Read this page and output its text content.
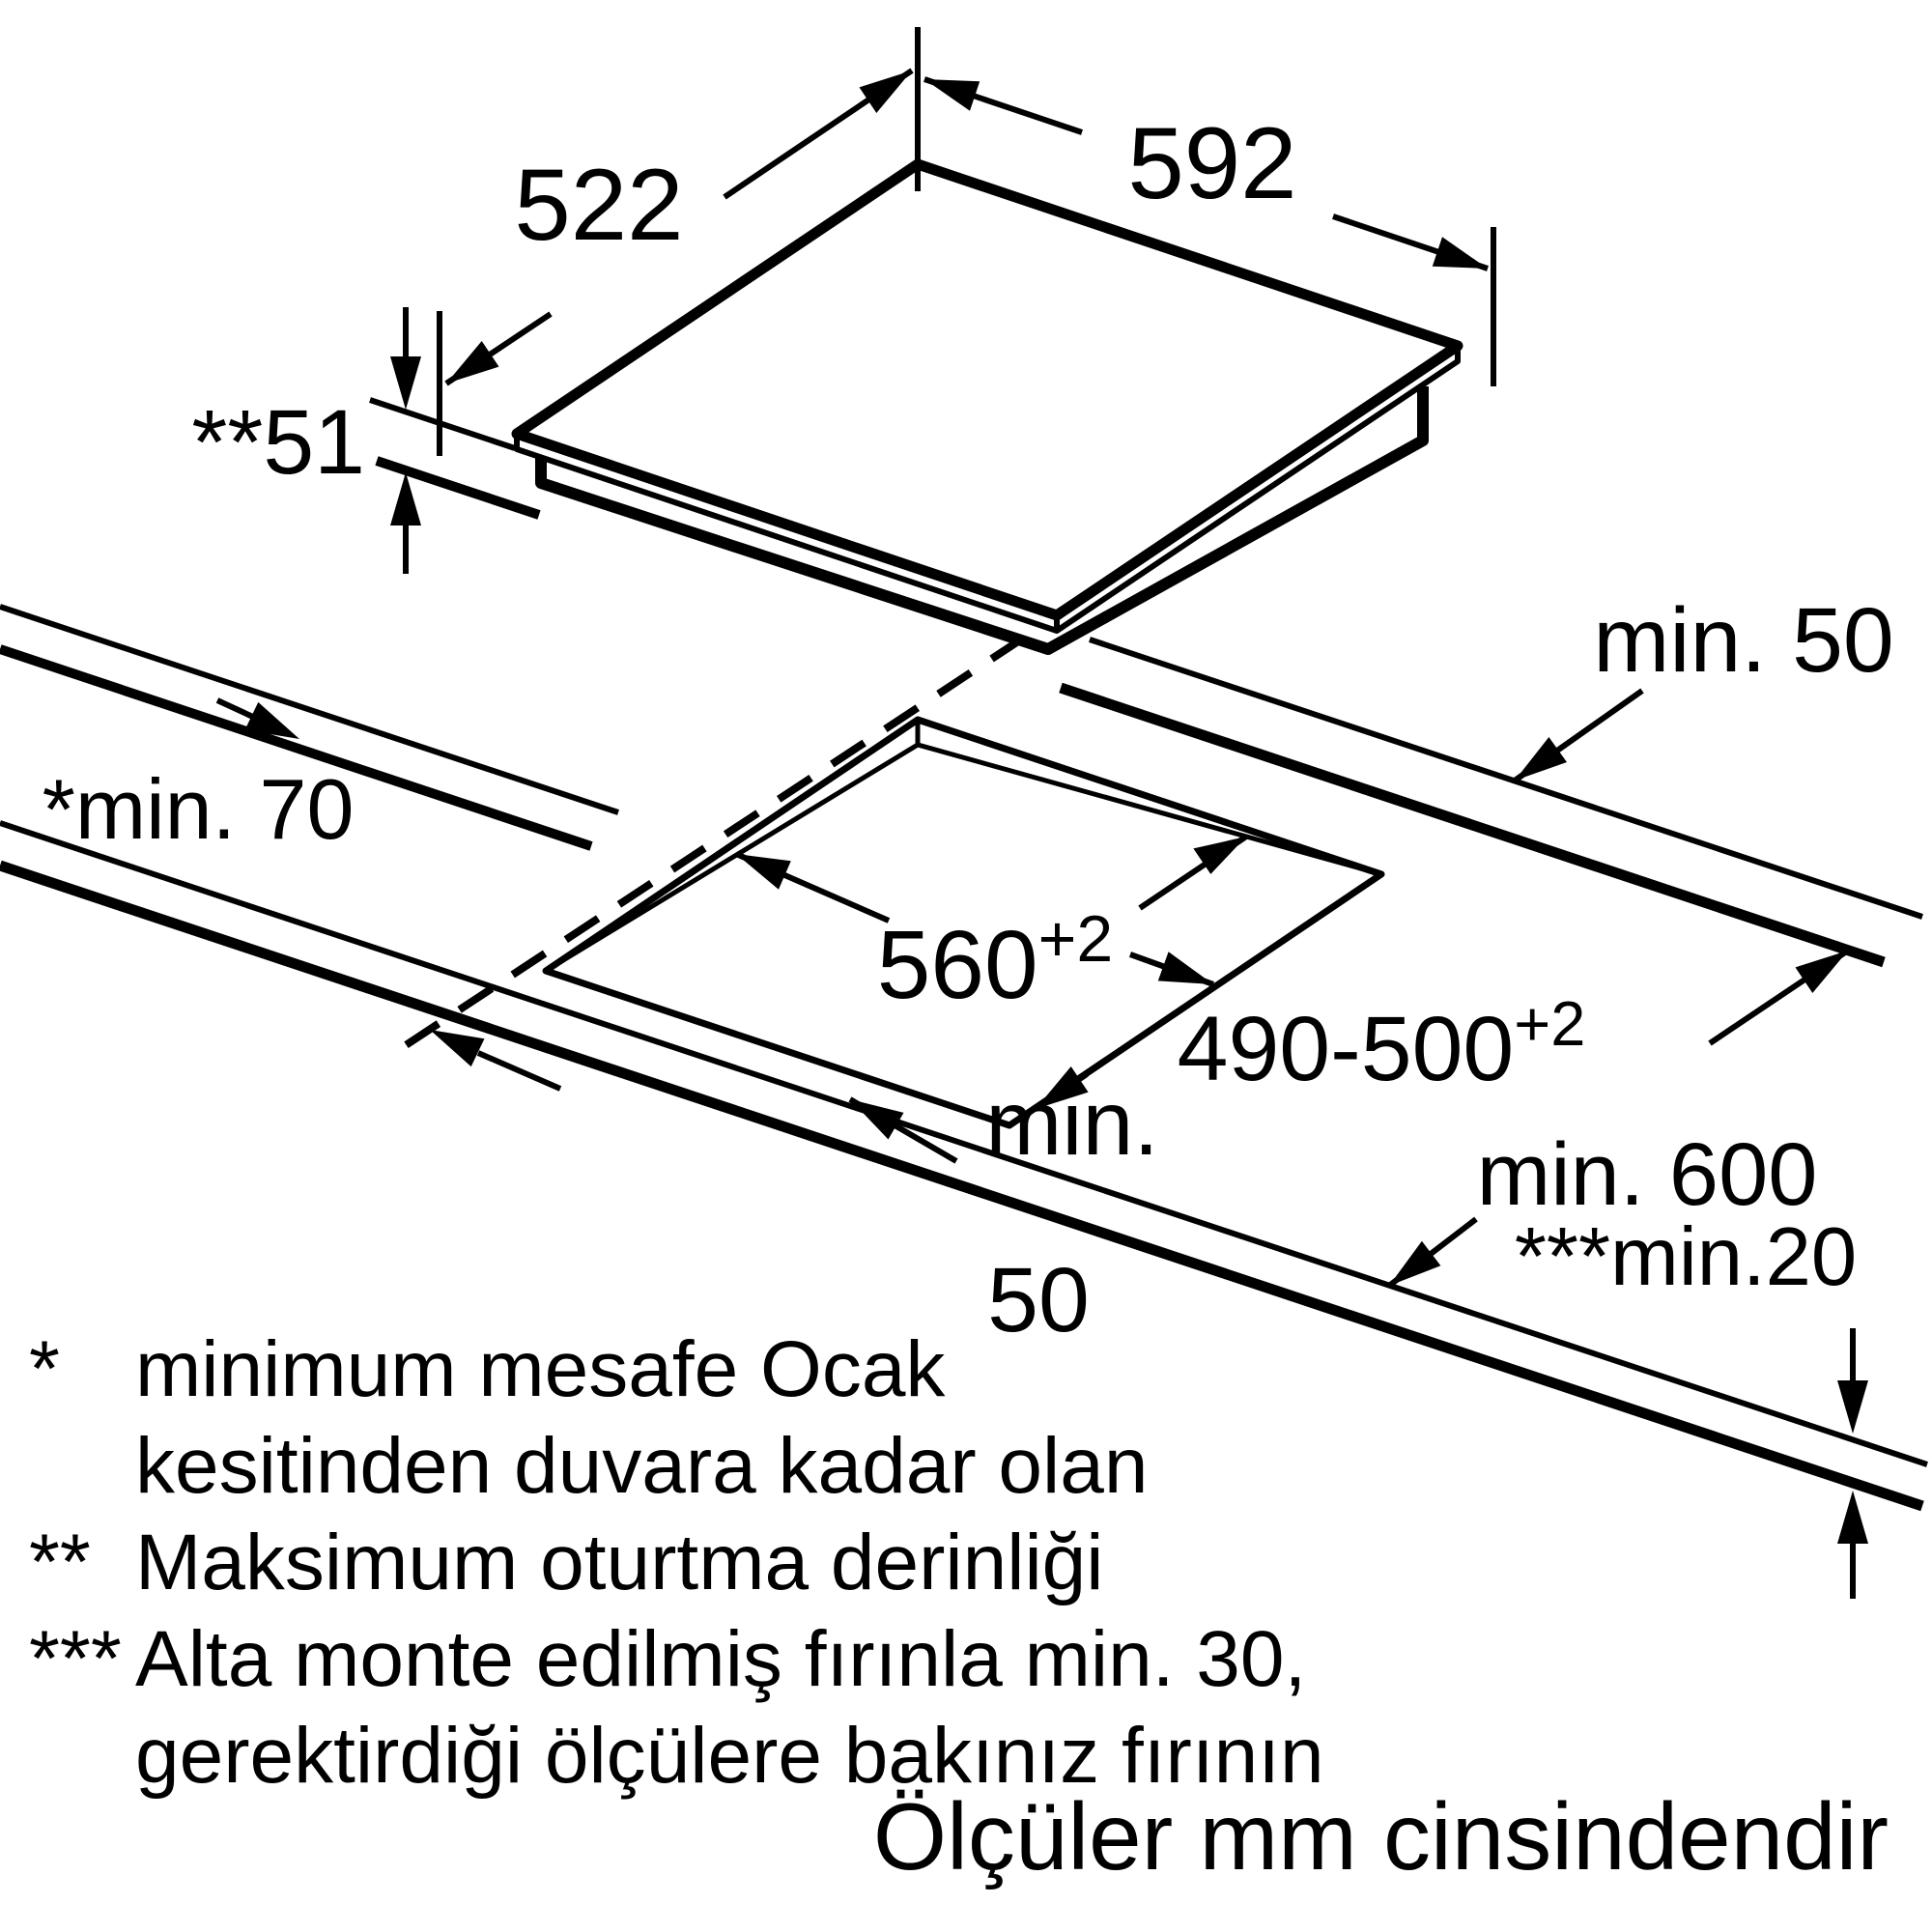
522	592
**51
$560^{+2}$
$490-500^{+2}$
min. 50
min.
50
min. 600
***min.20
*min. 70
* minimum mesafe Ocak
kesitinden duvara kadar olan
** Maksimum oturtma derinliği
*** Alta monte edilmiş fırınla min. 30,
gerektirdiği ölçülere bakınız fırının
Ölçüler mm cinsindendir
